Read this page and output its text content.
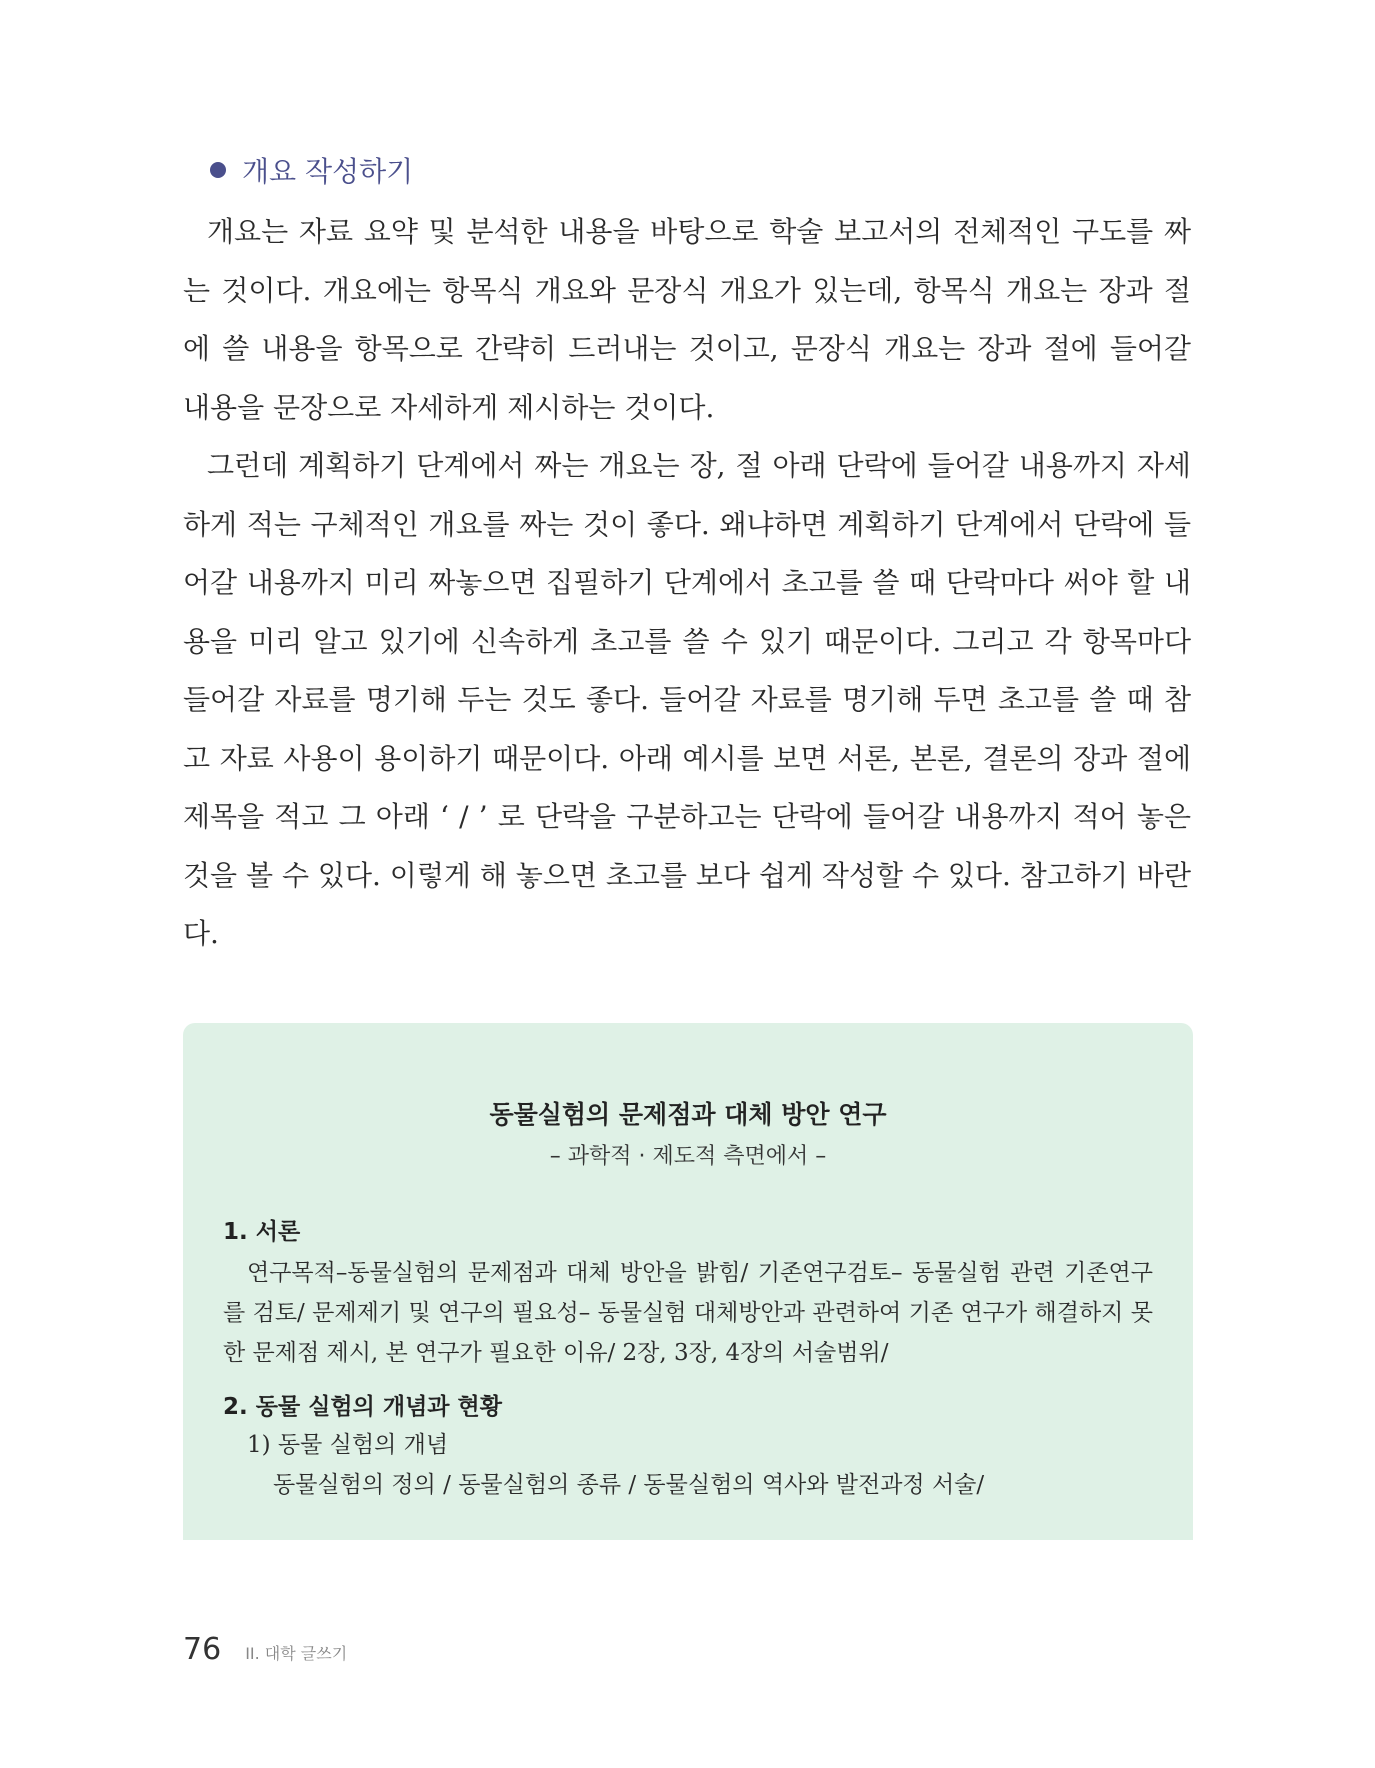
개요 작성하기

개요는 자료 요약 및 분석한 내용을 바탕으로 학술 보고서의 전체적인 구도를 짜는 것이다. 개요에는 항목식 개요와 문장식 개요가 있는데, 항목식 개요는 장과 절에 쓸 내용을 항목으로 간략히 드러내는 것이고, 문장식 개요는 장과 절에 들어갈 내용을 문장으로 자세하게 제시하는 것이다.

그런데 계획하기 단계에서 짜는 개요는 장, 절 아래 단락에 들어갈 내용까지 자세하게 적는 구체적인 개요를 짜는 것이 좋다. 왜냐하면 계획하기 단계에서 단락에 들어갈 내용까지 미리 짜놓으면 집필하기 단계에서 초고를 쓸 때 단락마다 써야 할 내용을 미리 알고 있기에 신속하게 초고를 쓸 수 있기 때문이다. 그리고 각 항목마다 들어갈 자료를 명기해 두는 것도 좋다. 들어갈 자료를 명기해 두면 초고를 쓸 때 참고 자료 사용이 용이하기 때문이다. 아래 예시를 보면 서론, 본론, 결론의 장과 절에 제목을 적고 그 아래 ‘ / ’ 로 단락을 구분하고는 단락에 들어갈 내용까지 적어 놓은 것을 볼 수 있다. 이렇게 해 놓으면 초고를 보다 쉽게 작성할 수 있다. 참고하기 바란다.

동물실험의 문제점과 대체 방안 연구
– 과학적 · 제도적 측면에서 –
1. 서론
연구목적–동물실험의 문제점과 대체 방안을 밝힘/ 기존연구검토– 동물실험 관련 기존연구를 검토/ 문제제기 및 연구의 필요성– 동물실험 대체방안과 관련하여 기존 연구가 해결하지 못한 문제점 제시, 본 연구가 필요한 이유/ 2장, 3장, 4장의 서술범위/
2. 동물 실험의 개념과 현황
1) 동물 실험의 개념
동물실험의 정의 / 동물실험의 종류 / 동물실험의 역사와 발전과정 서술/
76 II. 대학 글쓰기
